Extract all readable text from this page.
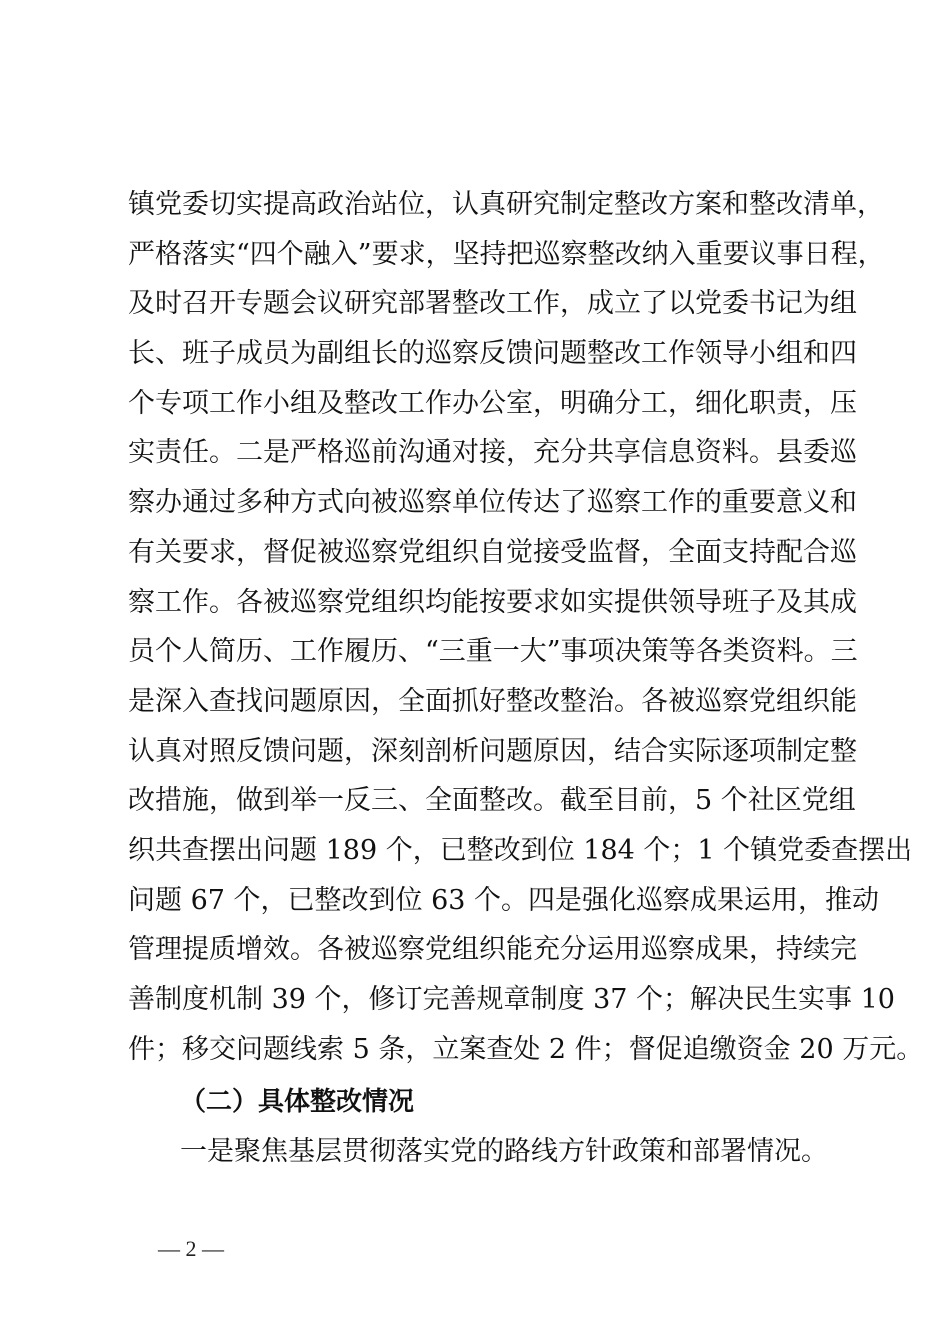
镇党委切实提高政治站位，认真研究制定整改方案和整改清单，
严格落实“四个融入”要求，坚持把巡察整改纳入重要议事日程，
及时召开专题会议研究部署整改工作，成立了以党委书记为组
长、班子成员为副组长的巡察反馈问题整改工作领导小组和四
个专项工作小组及整改工作办公室，明确分工，细化职责，压
实责任。二是严格巡前沟通对接，充分共享信息资料。县委巡
察办通过多种方式向被巡察单位传达了巡察工作的重要意义和
有关要求，督促被巡察党组织自觉接受监督，全面支持配合巡
察工作。各被巡察党组织均能按要求如实提供领导班子及其成
员个人简历、工作履历、“三重一大”事项决策等各类资料。三
是深入查找问题原因，全面抓好整改整治。各被巡察党组织能
认真对照反馈问题，深刻剖析问题原因，结合实际逐项制定整
改措施，做到举一反三、全面整改。截至目前，5 个社区党组
织共查摆出问题 189 个，已整改到位 184 个；1 个镇党委查摆出
问题 67 个，已整改到位 63 个。四是强化巡察成果运用，推动
管理提质增效。各被巡察党组织能充分运用巡察成果，持续完
善制度机制 39 个，修订完善规章制度 37 个；解决民生实事 10
件；移交问题线索 5 条，立案查处 2 件；督促追缴资金 20 万元。
（二）具体整改情况
一是聚焦基层贯彻落实党的路线方针政策和部署情况。
— 2 —
